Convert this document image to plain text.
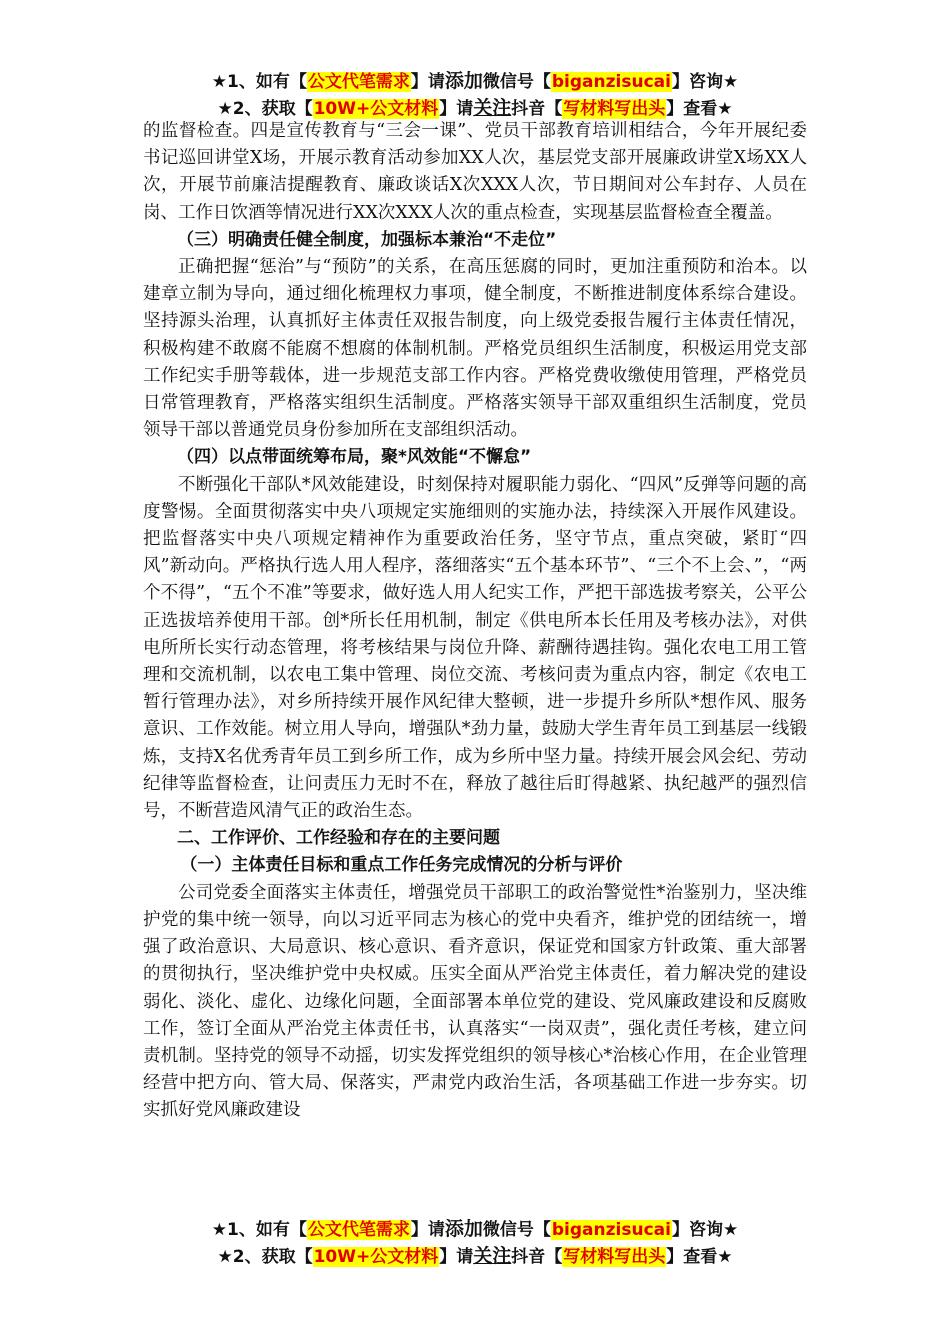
★1、如有【公文代笔需求】请添加微信号【biganzisucai】咨询★
★2、获取【10W+公文材料】请关注抖音【写材料写出头】查看★

的监督检查。四是宣传教育与“三会一课”、党员干部教育培训相结合，今年开展纪委书记巡回讲堂X场，开展示教育活动参加XX人次，基层党支部开展廉政讲堂X场XX人次，开展节前廉洁提醒教育、廉政谈话X次XXX人次，节日期间对公车封存、人员在岗、工作日饮酒等情况进行XX次XXX人次的重点检查，实现基层监督检查全覆盖。

（三）明确责任健全制度，加强标本兼治“不走位”

正确把握“惩治”与“预防”的关系，在高压惩腐的同时，更加注重预防和治本。以建章立制为导向，通过细化梳理权力事项，健全制度，不断推进制度体系综合建设。坚持源头治理，认真抓好主体责任双报告制度，向上级党委报告履行主体责任情况，积极构建不敢腐不能腐不想腐的体制机制。严格党员组织生活制度，积极运用党支部工作纪实手册等载体，进一步规范支部工作内容。严格党费收缴使用管理，严格党员日常管理教育，严格落实组织生活制度。严格落实领导干部双重组织生活制度，党员领导干部以普通党员身份参加所在支部组织活动。

（四）以点带面统筹布局，聚*风效能“不懈怠”

不断强化干部队*风效能建设，时刻保持对履职能力弱化、“四风”反弹等问题的高度警惕。全面贯彻落实中央八项规定实施细则的实施办法，持续深入开展作风建设。把监督落实中央八项规定精神作为重要政治任务，坚守节点，重点突破，紧盯“四风”新动向。严格执行选人用人程序，落细落实“五个基本环节”、“三个不上会、”，“两个不得”，“五个不准”等要求，做好选人用人纪实工作，严把干部选拔考察关，公平公正选拔培养使用干部。创*所长任用机制，制定《供电所本长任用及考核办法》，对供电所所长实行动态管理，将考核结果与岗位升降、薪酬待遇挂钩。强化农电工用工管理和交流机制，以农电工集中管理、岗位交流、考核问责为重点内容，制定《农电工暂行管理办法》，对乡所持续开展作风纪律大整顿，进一步提升乡所队*想作风、服务意识、工作效能。树立用人导向，增强队*劲力量，鼓励大学生青年员工到基层一线锻炼，支持X名优秀青年员工到乡所工作，成为乡所中坚力量。持续开展会风会纪、劳动纪律等监督检查，让问责压力无时不在，释放了越往后盯得越紧、执纪越严的强烈信号，不断营造风清气正的政治生态。

二、工作评价、工作经验和存在的主要问题

（一）主体责任目标和重点工作任务完成情况的分析与评价

公司党委全面落实主体责任，增强党员干部职工的政治警觉性*治鉴别力，坚决维护党的集中统一领导，向以习近平同志为核心的党中央看齐，维护党的团结统一，增强了政治意识、大局意识、核心意识、看齐意识，保证党和国家方针政策、重大部署的贯彻执行，坚决维护党中央权威。压实全面从严治党主体责任，着力解决党的建设弱化、淡化、虚化、边缘化问题，全面部署本单位党的建设、党风廉政建设和反腐败工作，签订全面从严治党主体责任书，认真落实“一岗双责”，强化责任考核，建立问责机制。坚持党的领导不动摇，切实发挥党组织的领导核心*治核心作用，在企业管理经营中把方向、管大局、保落实，严肃党内政治生活，各项基础工作进一步夯实。切实抓好党风廉政建设

★1、如有【公文代笔需求】请添加微信号【biganzisucai】咨询★
★2、获取【10W+公文材料】请关注抖音【写材料写出头】查看★
